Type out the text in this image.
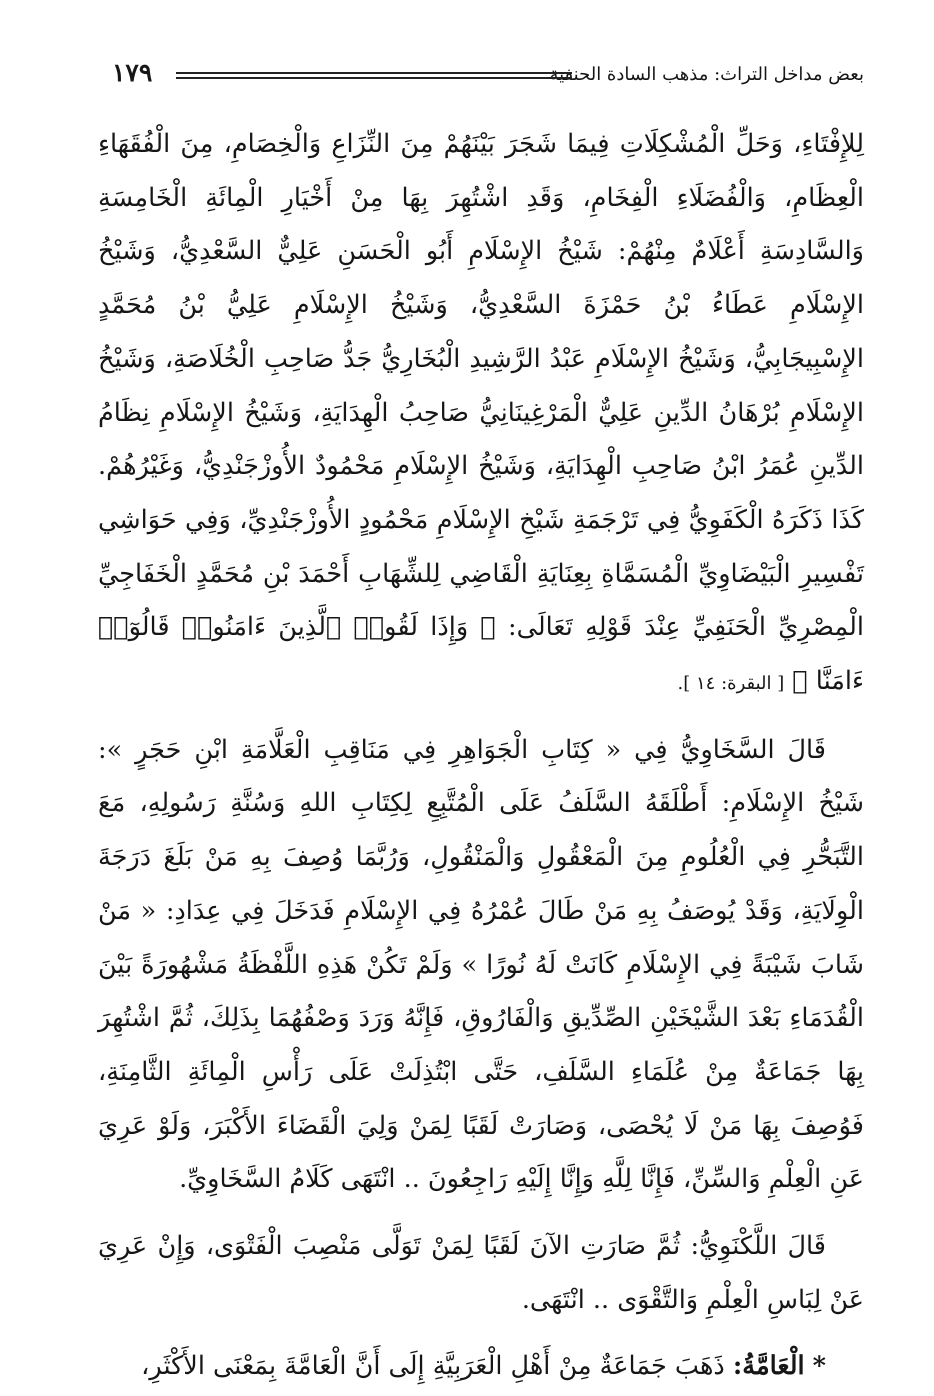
بعض مداخل التراث: مذهب السادة الحنفية
١٧٩

لِلإِفْتَاءِ، وَحَلِّ الْمُشْكِلَاتِ فِيمَا شَجَرَ بَيْنَهُمْ مِنَ النِّزَاعِ وَالْخِصَامِ، مِنَ الْفُقَهَاءِ الْعِظَامِ، وَالْفُضَلَاءِ الْفِخَامِ، وَقَدِ اشْتُهِرَ بِهَا مِنْ أَخْيَارِ الْمِائَةِ الْخَامِسَةِ وَالسَّادِسَةِ أَعْلَامٌ مِنْهُمْ: شَيْخُ الإِسْلَامِ أَبُو الْحَسَنِ عَلِيٌّ السَّعْدِيُّ، وَشَيْخُ الإِسْلَامِ عَطَاءُ بْنُ حَمْزَةَ السَّعْدِيُّ، وَشَيْخُ الإِسْلَامِ عَلِيُّ بْنُ مُحَمَّدٍ الإِسْبِيجَابِيُّ، وَشَيْخُ الإِسْلَامِ عَبْدُ الرَّشِيدِ الْبُخَارِيُّ جَدُّ صَاحِبِ الْخُلَاصَةِ، وَشَيْخُ الإِسْلَامِ بُرْهَانُ الدِّينِ عَلِيٌّ الْمَرْغِينَانِيُّ صَاحِبُ الْهِدَايَةِ، وَشَيْخُ الإِسْلَامِ نِظَامُ الدِّينِ عُمَرُ ابْنُ صَاحِبِ الْهِدَايَةِ، وَشَيْخُ الإِسْلَامِ مَحْمُودٌ الأُوزْجَنْدِيُّ، وَغَيْرُهُمْ. كَذَا ذَكَرَهُ الْكَفَوِيُّ فِي تَرْجَمَةِ شَيْخِ الإِسْلَامِ مَحْمُودٍ الأُوزْجَنْدِيِّ، وَفِي حَوَاشِي تَفْسِيرِ الْبَيْضَاوِيِّ الْمُسَمَّاةِ بِعِنَايَةِ الْقَاضِي لِلشِّهَابِ أَحْمَدَ بْنِ مُحَمَّدٍ الْخَفَاجِيِّ الْمِصْرِيِّ الْحَنَفِيِّ عِنْدَ قَوْلِهِ تَعَالَى: ﴿ وَإِذَا لَقُوا۟ ٱلَّذِينَ ءَامَنُوا۟ قَالُوٓا۟ ءَامَنَّا ﴾ [ البقرة: ١٤ ].

قَالَ السَّخَاوِيُّ فِي « كِتَابِ الْجَوَاهِرِ فِي مَنَاقِبِ الْعَلَّامَةِ ابْنِ حَجَرٍ »: شَيْخُ الإِسْلَامِ: أَطْلَقَهُ السَّلَفُ عَلَى الْمُتَّبِعِ لِكِتَابِ اللهِ وَسُنَّةِ رَسُولِهِ، مَعَ التَّبَحُّرِ فِي الْعُلُومِ مِنَ الْمَعْقُولِ وَالْمَنْقُولِ، وَرُبَّمَا وُصِفَ بِهِ مَنْ بَلَغَ دَرَجَةَ الْوِلَايَةِ، وَقَدْ يُوصَفُ بِهِ مَنْ طَالَ عُمْرُهُ فِي الإِسْلَامِ فَدَخَلَ فِي عِدَادِ: « مَنْ شَابَ شَيْبَةً فِي الإِسْلَامِ كَانَتْ لَهُ نُورًا » وَلَمْ تَكُنْ هَذِهِ اللَّفْظَةُ مَشْهُورَةً بَيْنَ الْقُدَمَاءِ بَعْدَ الشَّيْخَيْنِ الصِّدِّيقِ وَالْفَارُوقِ، فَإِنَّهُ وَرَدَ وَصْفُهُمَا بِذَلِكَ، ثُمَّ اشْتُهِرَ بِهَا جَمَاعَةٌ مِنْ عُلَمَاءِ السَّلَفِ، حَتَّى ابْتُذِلَتْ عَلَى رَأْسِ الْمِائَةِ الثَّامِنَةِ، فَوُصِفَ بِهَا مَنْ لَا يُحْصَى، وَصَارَتْ لَقَبًا لِمَنْ وَلِيَ الْقَضَاءَ الأَكْبَرَ، وَلَوْ عَرِيَ عَنِ الْعِلْمِ وَالسِّنِّ، فَإِنَّا لِلَّهِ وَإِنَّا إِلَيْهِ رَاجِعُونَ .. انْتَهَى كَلَامُ السَّخَاوِيِّ.

قَالَ اللَّكْنَوِيُّ: ثُمَّ صَارَتِ الآنَ لَقَبًا لِمَنْ تَوَلَّى مَنْصِبَ الْفَتْوَى، وَإِنْ عَرِيَ عَنْ لِبَاسِ الْعِلْمِ وَالتَّقْوَى .. انْتَهَى.

* الْعَامَّةُ: ذَهَبَ جَمَاعَةٌ مِنْ أَهْلِ الْعَرَبِيَّةِ إِلَى أَنَّ الْعَامَّةَ بِمَعْنَى الأَكْثَرِ،
